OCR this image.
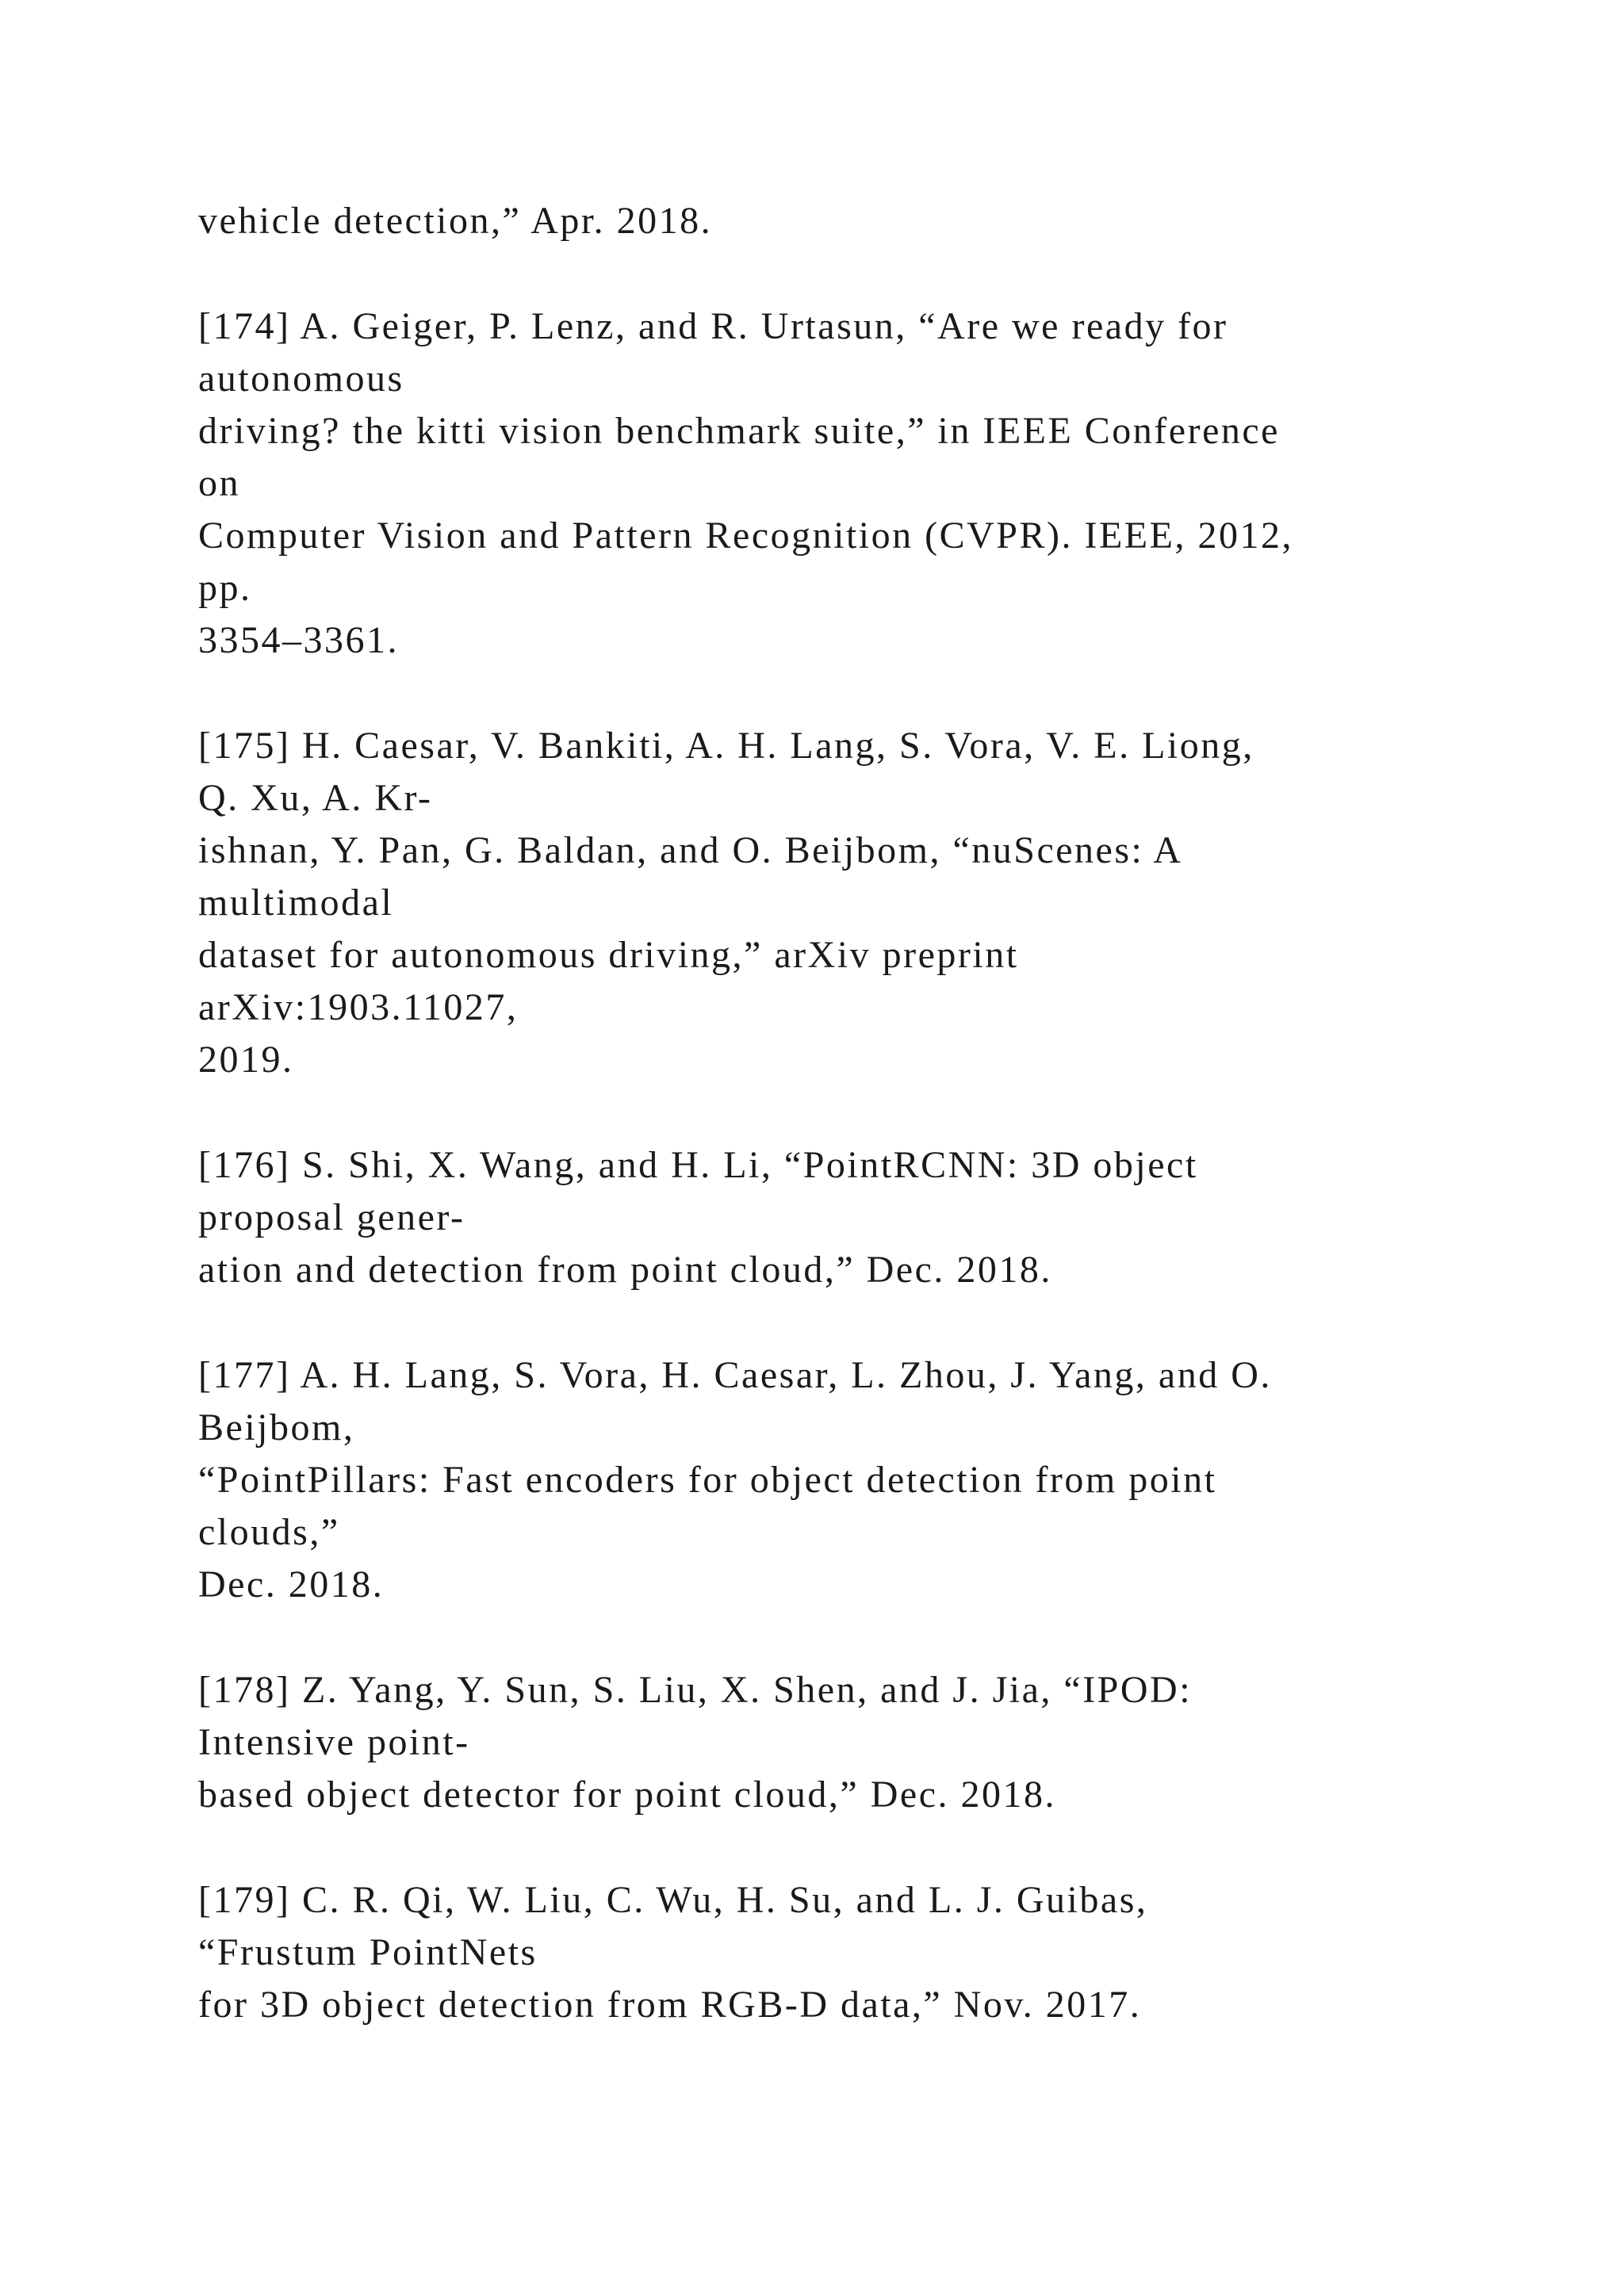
vehicle detection,” Apr. 2018.
[174] A. Geiger, P. Lenz, and R. Urtasun, “Are we ready for
autonomous
driving? the kitti vision benchmark suite,” in IEEE Conference
on
Computer Vision and Pattern Recognition (CVPR). IEEE, 2012,
pp.
3354–3361.
[175] H. Caesar, V. Bankiti, A. H. Lang, S. Vora, V. E. Liong,
Q. Xu, A. Kr-
ishnan, Y. Pan, G. Baldan, and O. Beijbom, “nuScenes: A
multimodal
dataset for autonomous driving,” arXiv preprint
arXiv:1903.11027,
2019.
[176] S. Shi, X. Wang, and H. Li, “PointRCNN: 3D object
proposal gener-
ation and detection from point cloud,” Dec. 2018.
[177] A. H. Lang, S. Vora, H. Caesar, L. Zhou, J. Yang, and O.
Beijbom,
“PointPillars: Fast encoders for object detection from point
clouds,”
Dec. 2018.
[178] Z. Yang, Y. Sun, S. Liu, X. Shen, and J. Jia, “IPOD:
Intensive point-
based object detector for point cloud,” Dec. 2018.
[179] C. R. Qi, W. Liu, C. Wu, H. Su, and L. J. Guibas,
“Frustum PointNets
for 3D object detection from RGB-D data,” Nov. 2017.
